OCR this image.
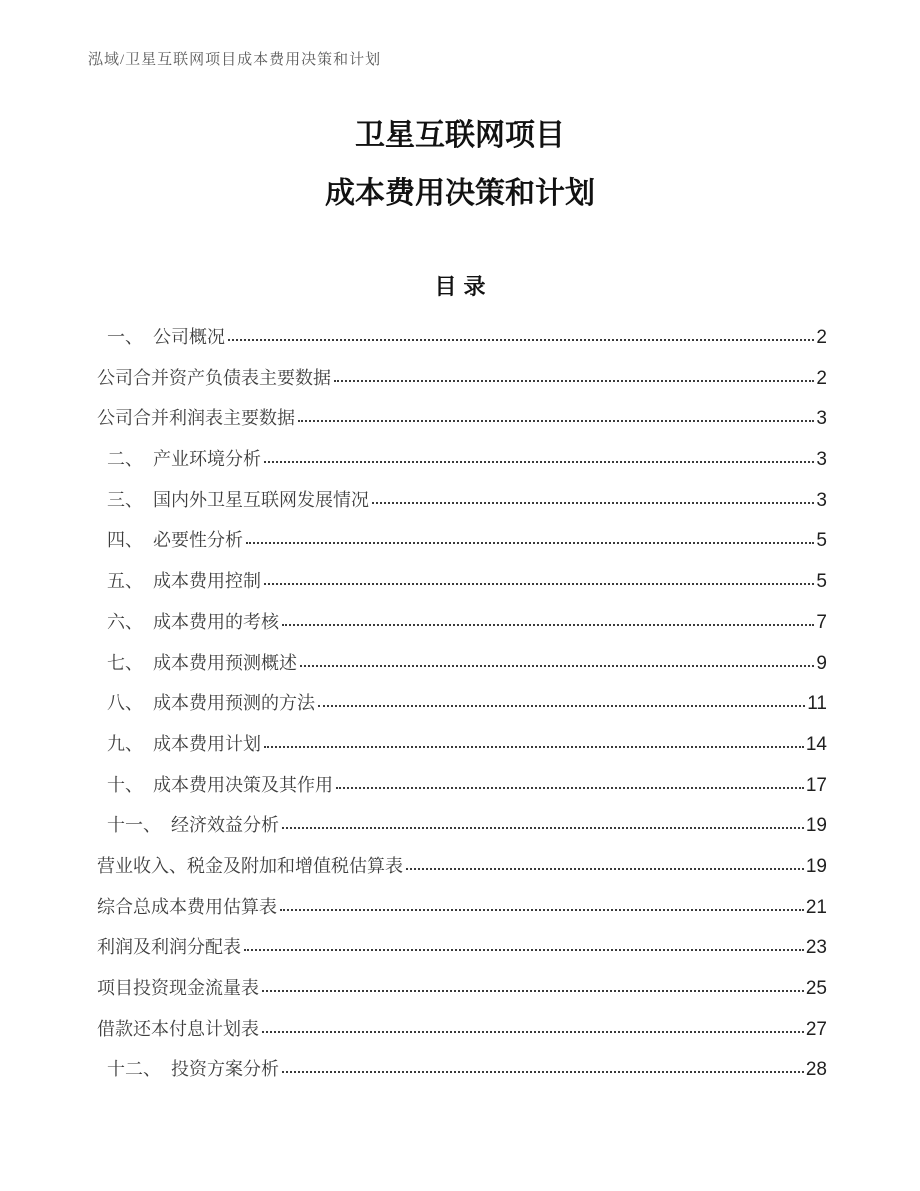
泓域/卫星互联网项目成本费用决策和计划
卫星互联网项目
成本费用决策和计划
目录
一、 公司概况	2
公司合并资产负债表主要数据	2
公司合并利润表主要数据	3
二、 产业环境分析	3
三、 国内外卫星互联网发展情况	3
四、 必要性分析	5
五、 成本费用控制	5
六、 成本费用的考核	7
七、 成本费用预测概述	9
八、 成本费用预测的方法	11
九、 成本费用计划	14
十、 成本费用决策及其作用	17
十一、 经济效益分析	19
营业收入、税金及附加和增值税估算表	19
综合总成本费用估算表	21
利润及利润分配表	23
项目投资现金流量表	25
借款还本付息计划表	27
十二、 投资方案分析	28
